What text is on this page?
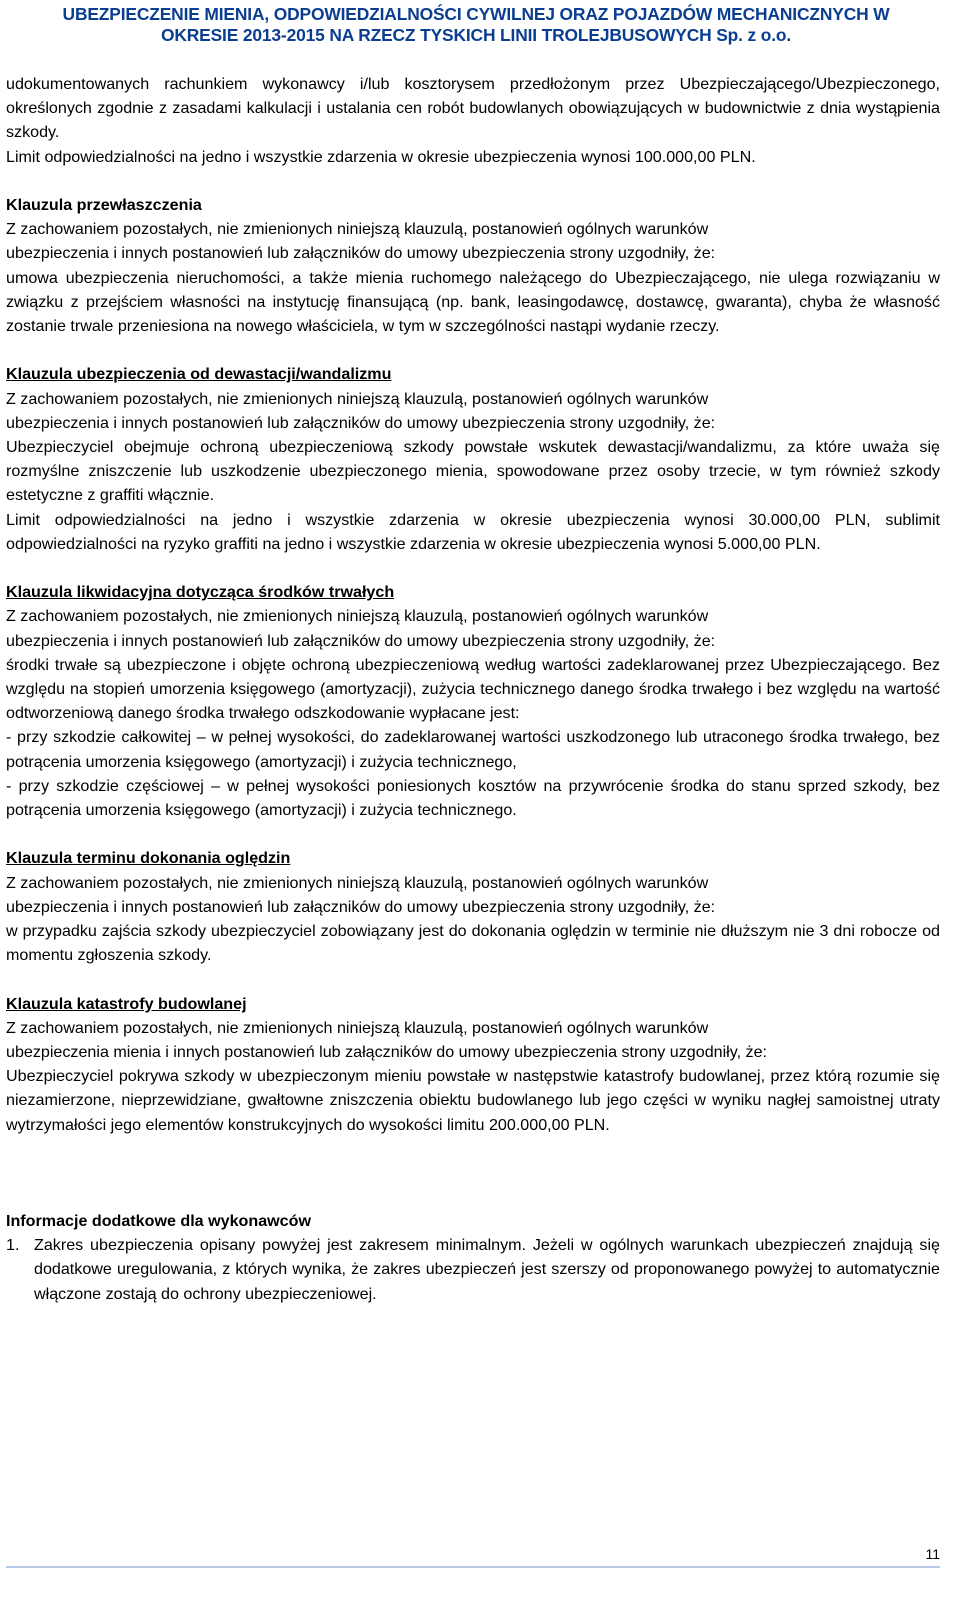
UBEZPIECZENIE MIENIA, ODPOWIEDZIALNOŚCI CYWILNEJ ORAZ POJAZDÓW MECHANICZNYCH W
OKRESIE 2013-2015 NA RZECZ TYSKICH LINII TROLEJBUSOWYCH Sp. z o.o.

udokumentowanych rachunkiem wykonawcy i/lub kosztorysem przedłożonym przez Ubezpieczającego/Ubezpieczonego, określonych zgodnie z zasadami kalkulacji i ustalania cen robót budowlanych obowiązujących w budownictwie z dnia wystąpienia szkody.

Limit odpowiedzialności na jedno i wszystkie zdarzenia w okresie ubezpieczenia wynosi 100.000,00 PLN.

Klauzula przewłaszczenia

Z zachowaniem pozostałych, nie zmienionych niniejszą klauzulą, postanowień ogólnych warunków

ubezpieczenia i innych postanowień lub załączników do umowy ubezpieczenia strony uzgodniły, że:

umowa ubezpieczenia nieruchomości, a także mienia ruchomego należącego do Ubezpieczającego, nie ulega rozwiązaniu w związku z przejściem własności na instytucję finansującą (np. bank, leasingodawcę, dostawcę, gwaranta), chyba że własność zostanie trwale przeniesiona na nowego właściciela, w tym w szczególności nastąpi wydanie rzeczy.

Klauzula ubezpieczenia od dewastacji/wandalizmu

Z zachowaniem pozostałych, nie zmienionych niniejszą klauzulą, postanowień ogólnych warunków

ubezpieczenia i innych postanowień lub załączników do umowy ubezpieczenia strony uzgodniły, że:

Ubezpieczyciel obejmuje ochroną ubezpieczeniową szkody powstałe wskutek dewastacji/wandalizmu, za które uważa się rozmyślne zniszczenie lub uszkodzenie ubezpieczonego mienia, spowodowane przez osoby trzecie, w tym również szkody estetyczne z graffiti włącznie.

Limit odpowiedzialności na jedno i wszystkie zdarzenia w okresie ubezpieczenia wynosi 30.000,00 PLN, sublimit odpowiedzialności na ryzyko graffiti na jedno i wszystkie zdarzenia w okresie ubezpieczenia wynosi 5.000,00 PLN.

Klauzula likwidacyjna dotycząca środków trwałych

Z zachowaniem pozostałych, nie zmienionych niniejszą klauzulą, postanowień ogólnych warunków

ubezpieczenia i innych postanowień lub załączników do umowy ubezpieczenia strony uzgodniły, że:

środki trwałe są ubezpieczone i objęte ochroną ubezpieczeniową według wartości zadeklarowanej przez Ubezpieczającego. Bez względu na stopień umorzenia księgowego (amortyzacji), zużycia technicznego danego środka trwałego i bez względu na wartość odtworzeniową danego środka trwałego odszkodowanie wypłacane jest:

- przy szkodzie całkowitej – w pełnej wysokości, do zadeklarowanej wartości uszkodzonego lub utraconego środka trwałego, bez potrącenia umorzenia księgowego (amortyzacji) i zużycia technicznego,

- przy szkodzie częściowej – w pełnej wysokości poniesionych kosztów na przywrócenie środka do stanu sprzed szkody, bez potrącenia umorzenia księgowego (amortyzacji) i zużycia technicznego.

Klauzula terminu dokonania oględzin

Z zachowaniem pozostałych, nie zmienionych niniejszą klauzulą, postanowień ogólnych warunków

ubezpieczenia i innych postanowień lub załączników do umowy ubezpieczenia strony uzgodniły, że:

w przypadku zajścia szkody ubezpieczyciel zobowiązany jest do dokonania oględzin w terminie nie dłuższym nie 3 dni robocze od momentu zgłoszenia szkody.

Klauzula katastrofy budowlanej

Z zachowaniem pozostałych, nie zmienionych niniejszą klauzulą, postanowień ogólnych warunków

ubezpieczenia mienia i innych postanowień lub załączników do umowy ubezpieczenia strony uzgodniły, że:

Ubezpieczyciel pokrywa szkody w ubezpieczonym mieniu powstałe w następstwie katastrofy budowlanej, przez którą rozumie się niezamierzone, nieprzewidziane, gwałtowne zniszczenia obiektu budowlanego lub jego części w wyniku nagłej samoistnej utraty wytrzymałości jego elementów konstrukcyjnych do wysokości limitu 200.000,00 PLN.

Informacje dodatkowe dla wykonawców

1. Zakres ubezpieczenia opisany powyżej jest zakresem minimalnym. Jeżeli w ogólnych warunkach ubezpieczeń znajdują się dodatkowe uregulowania, z których wynika, że zakres ubezpieczeń jest szerszy od proponowanego powyżej to automatycznie włączone zostają do ochrony ubezpieczeniowej.
11
